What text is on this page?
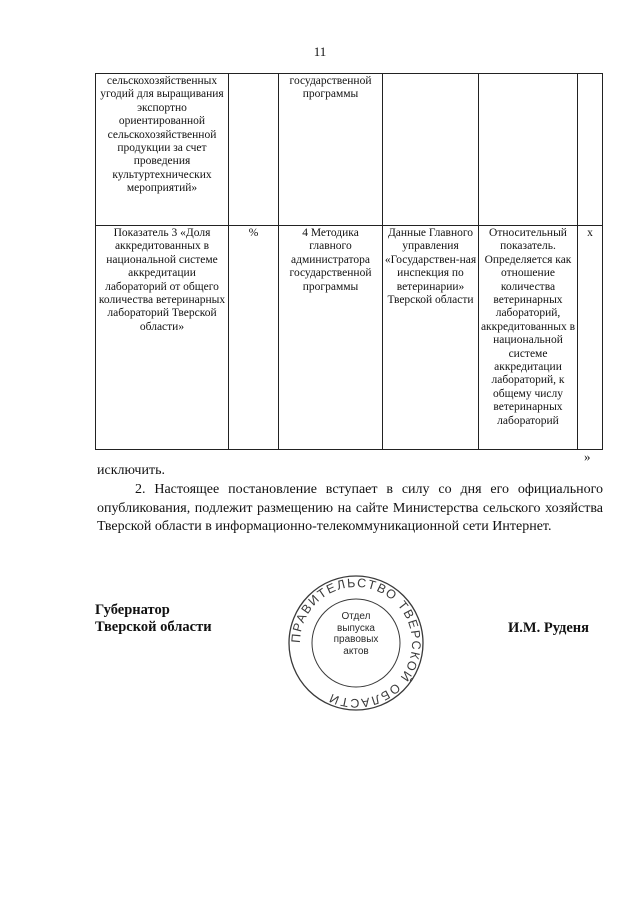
11
сельскохозяйственных угодий для выращивания экспортно ориентированной сельскохозяйственной продукции за счет проведения культуртехнических мероприятий»		государственной программы			
Показатель 3 «Доля аккредитованных в национальной системе аккредитации лабораторий от общего количества ветеринарных лабораторий Тверской области»	%	4 Методика главного администратора государственной программы	Данные Главного управления «Государствен-ная инспекция по ветеринарии» Тверской области	Относительный показатель. Определяется как отношение количества ветеринарных лабораторий, аккредитованных в национальной системе аккредитации лабораторий, к общему числу ветеринарных лабораторий	х
»
исключить.

2. Настоящее постановление вступает в силу со дня его официального опубликования, подлежит размещению на сайте Министерства сельского хозяйства Тверской области в информационно-телекоммуникационной сети Интернет.

Губернатор
Тверской области	И.М. Руденя
ПРАВИТЕЛЬСТВО ТВЕРСКОЙ ОБЛАСТИ
Отдел
выпуска
правовых
актов
